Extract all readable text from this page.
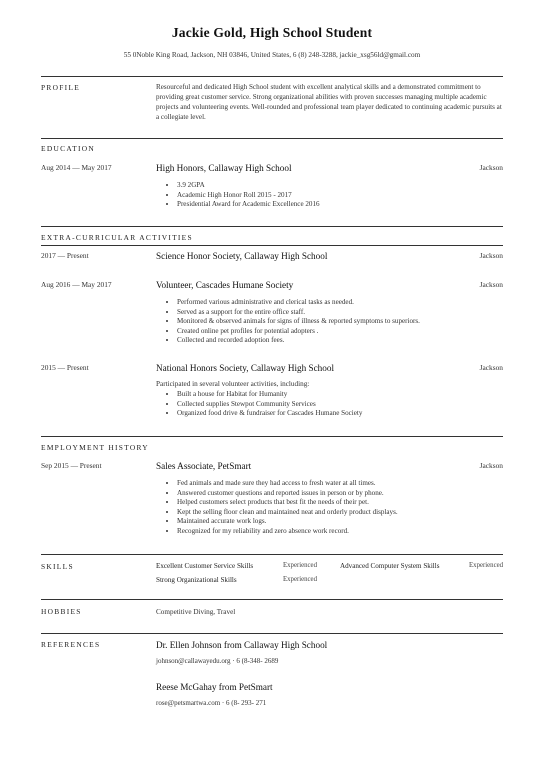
Jackie Gold, High School Student
55 0Noble King Road, Jackson, NH 03846, United States, 6 (8) 248-3288, jackie_xsg56ld@gmail.com
PROFILE	Resourceful and dedicated High School student with excellent analytical skills and a demonstrated commitment to providing great customer service. Strong organizational abilities with proven successes managing multiple academic projects and volunteering events. Well-rounded and professional team player dedicated to continuing academic pursuits at a collegiate level.
EDUCATION
Aug 2014 — May 2017	High Honors, Callaway High School	Jackson
• 3.9 2GPA
• Academic High Honor Roll 2015 - 2017
• Presidential Award for Academic Excellence 2016
EXTRA-CURRICULAR ACTIVITIES
2017 — Present	Science Honor Society, Callaway High School	Jackson
Aug 2016 — May 2017	Volunteer, Cascades Humane Society	Jackson
• Performed various administrative and clerical tasks as needed.
• Served as a support for the entire office staff.
• Monitored & observed animals for signs of illness & reported symptoms to superiors.
• Created online pet profiles for potential adopters .
• Collected and recorded adoption fees.
2015 — Present	National Honors Society, Callaway High School	Jackson
Participated in several volunteer activities, including:
• Built a house for Habitat for Humanity
• Collected supplies Stewpot Community Services
• Organized food drive & fundraiser for Cascades Humane Society
EMPLOYMENT HISTORY
Sep 2015 — Present	Sales Associate, PetSmart	Jackson
• Fed animals and made sure they had access to fresh water at all times.
• Answered customer questions and reported issues in person or by phone.
• Helped customers select products that best fit the needs of their pet.
• Kept the selling floor clean and maintained neat and orderly product displays.
• Maintained accurate work logs.
• Recognized for my reliability and zero absence work record.
SKILLS	Excellent Customer Service Skills	Experienced	Advanced Computer System Skills	Experienced
Strong Organizational Skills	Experienced
HOBBIES	Competitive Diving, Travel
REFERENCES	Dr. Ellen Johnson from Callaway High School
johnson@callawayedu.org · 6 (8-348- 2689
Reese McGahay from PetSmart
rose@petsmartwa.com · 6 (8- 293- 271
